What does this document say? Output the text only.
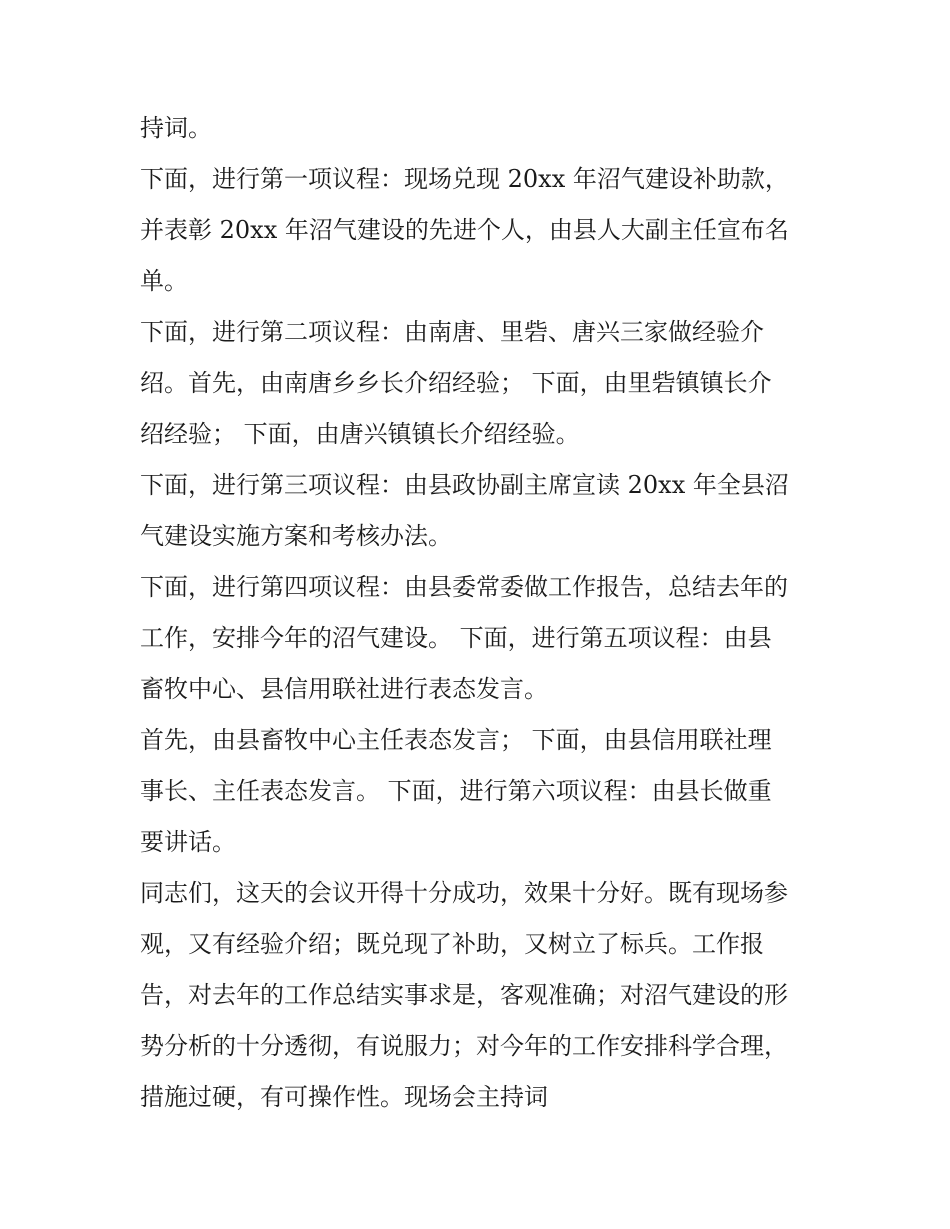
持词。
下面，进行第一项议程：现场兑现 20xx 年沼气建设补助款，
并表彰 20xx 年沼气建设的先进个人，由县人大副主任宣布名
单。
下面，进行第二项议程：由南唐、里砦、唐兴三家做经验介
绍。首先，由南唐乡乡长介绍经验； 下面，由里砦镇镇长介
绍经验； 下面，由唐兴镇镇长介绍经验。
下面，进行第三项议程：由县政协副主席宣读 20xx 年全县沼
气建设实施方案和考核办法。
下面，进行第四项议程：由县委常委做工作报告，总结去年的
工作，安排今年的沼气建设。 下面，进行第五项议程：由县
畜牧中心、县信用联社进行表态发言。
首先，由县畜牧中心主任表态发言； 下面，由县信用联社理
事长、主任表态发言。 下面，进行第六项议程：由县长做重
要讲话。
同志们，这天的会议开得十分成功，效果十分好。既有现场参
观，又有经验介绍；既兑现了补助，又树立了标兵。工作报
告，对去年的工作总结实事求是，客观准确；对沼气建设的形
势分析的十分透彻，有说服力；对今年的工作安排科学合理，
措施过硬，有可操作性。现场会主持词
